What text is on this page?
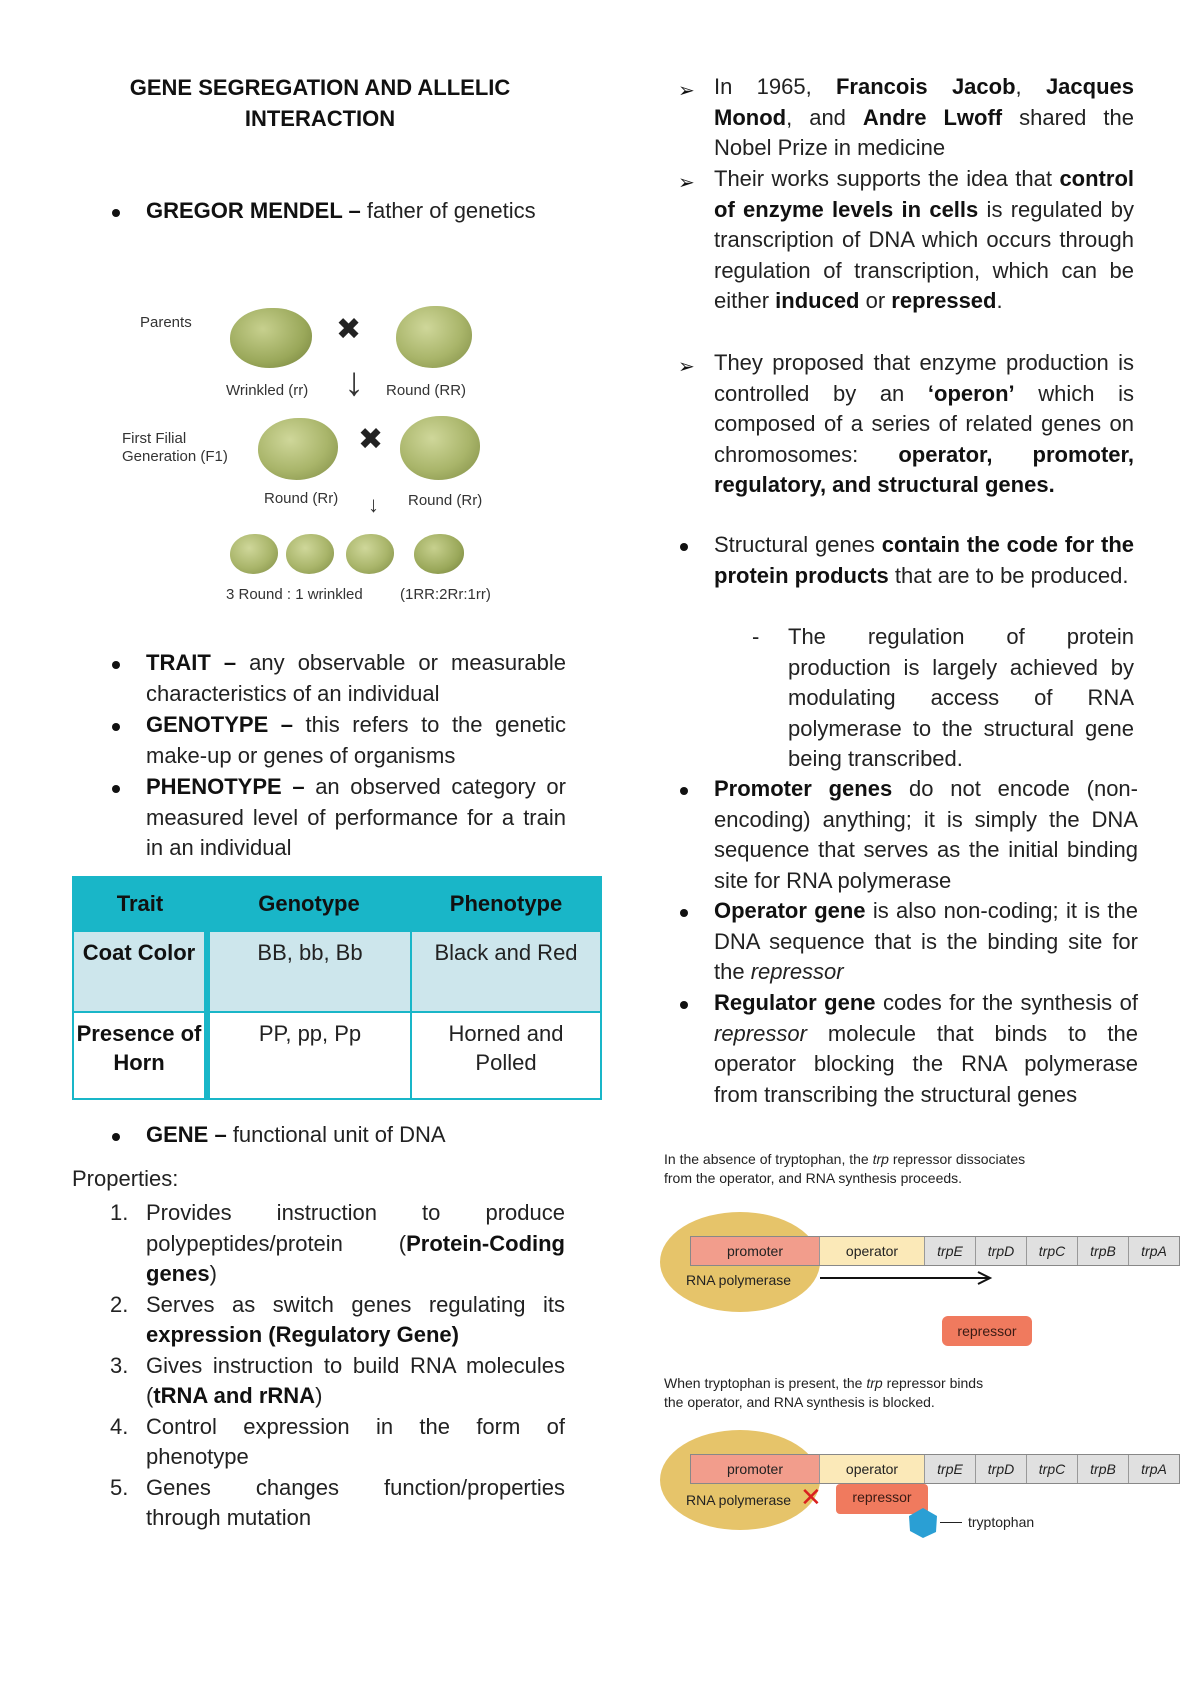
GENE SEGREGATION AND ALLELIC INTERACTION
GREGOR MENDEL – father of genetics
Parents	✖
Wrinkled (rr) ↓ Round (RR)
First Filial
Generation (F1)
✖
Round (Rr) ↓ Round (Rr)
3 Round : 1 wrinkled (1RR:2Rr:1rr)
TRAIT – any observable or measurable characteristics of an individual
GENOTYPE – this refers to the genetic make-up or genes of organisms
PHENOTYPE – an observed category or measured level of performance for a train in an individual
Trait	Genotype	Phenotype
Coat Color	BB, bb, Bb	Black and Red
Presence of Horn	PP, pp, Pp	Horned and Polled
GENE – functional unit of DNA
Properties:
1. Provides instruction to produce polypeptides/protein (Protein-Coding genes)
2. Serves as switch genes regulating its expression (Regulatory Gene)
3. Gives instruction to build RNA molecules (tRNA and rRNA)
4. Control expression in the form of phenotype
5. Genes changes function/properties through mutation
➢ In 1965, Francois Jacob, Jacques Monod, and Andre Lwoff shared the Nobel Prize in medicine
➢ Their works supports the idea that control of enzyme levels in cells is regulated by transcription of DNA which occurs through regulation of transcription, which can be either induced or repressed.
➢ They proposed that enzyme production is controlled by an ‘operon’ which is composed of a series of related genes on chromosomes: operator, promoter, regulatory, and structural genes.
Structural genes contain the code for the protein products that are to be produced.
- The regulation of protein production is largely achieved by modulating access of RNA polymerase to the structural gene being transcribed.
Promoter genes do not encode (non-encoding) anything; it is simply the DNA sequence that serves as the initial binding site for RNA polymerase
Operator gene is also non-coding; it is the DNA sequence that is the binding site for the repressor
Regulator gene codes for the synthesis of repressor molecule that binds to the operator blocking the RNA polymerase from transcribing the structural genes
In the absence of tryptophan, the trp repressor dissociates
from the operator, and RNA synthesis proceeds.
promoter	operator	trpE	trpD	trpC	trpB	trpA
RNA polymerase
repressor
When tryptophan is present, the trp repressor binds
the operator, and RNA synthesis is blocked.
promoter	operator	trpE	trpD	trpC	trpB	trpA
RNA polymerase ✕	repressor
tryptophan
